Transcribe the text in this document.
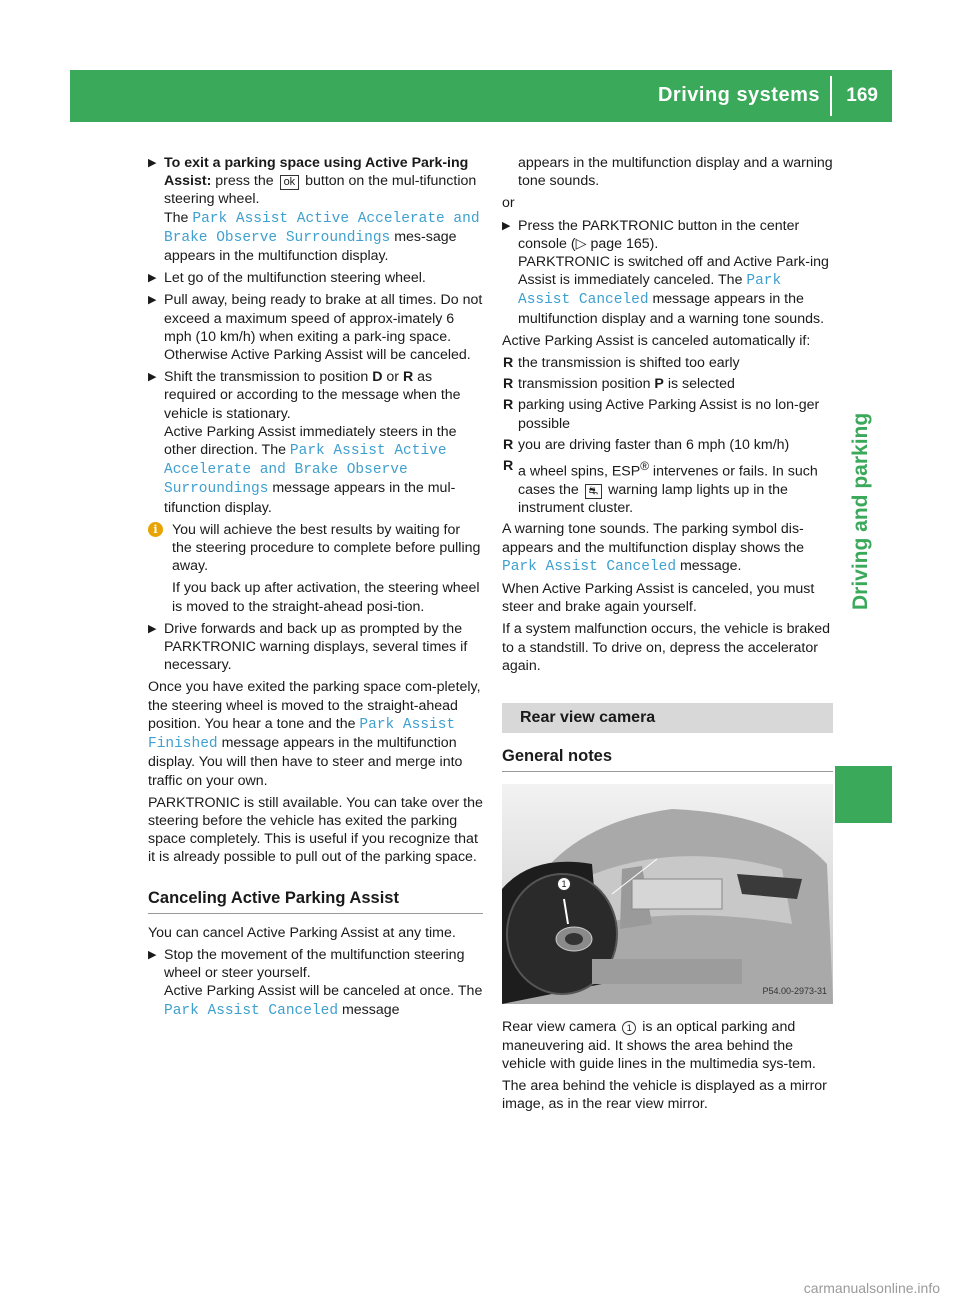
Driving systems 169
Driving and parking
▶ To exit a parking space using Active Park-ing Assist: press the ok button on the mul-tifunction steering wheel.
The Park Assist Active Accelerate and Brake Observe Surroundings mes-sage appears in the multifunction display.
▶ Let go of the multifunction steering wheel.
▶ Pull away, being ready to brake at all times. Do not exceed a maximum speed of approx-imately 6 mph (10 km/h) when exiting a park-ing space. Otherwise Active Parking Assist will be canceled.
▶ Shift the transmission to position D or R as required or according to the message when the vehicle is stationary.
Active Parking Assist immediately steers in the other direction. The Park Assist Active Accelerate and Brake Observe Surroundings message appears in the mul-tifunction display.
i	You will achieve the best results by waiting for the steering procedure to complete before pulling away.

If you back up after activation, the steering wheel is moved to the straight-ahead posi-tion.

▶ Drive forwards and back up as prompted by the PARKTRONIC warning displays, several times if necessary.

Once you have exited the parking space com-pletely, the steering wheel is moved to the straight-ahead position. You hear a tone and the Park Assist Finished message appears in the multifunction display. You will then have to steer and merge into traffic on your own.

PARKTRONIC is still available. You can take over the steering before the vehicle has exited the parking space completely. This is useful if you recognize that it is already possible to pull out of the parking space.

Canceling Active Parking Assist

You can cancel Active Parking Assist at any time.

▶ Stop the movement of the multifunction steering wheel or steer yourself.
Active Parking Assist will be canceled at once. The Park Assist Canceled message

appears in the multifunction display and a warning tone sounds.

or

▶ Press the PARKTRONIC button in the center console (▷ page 165).
PARKTRONIC is switched off and Active Park-ing Assist is immediately canceled. The Park Assist Canceled message appears in the multifunction display and a warning tone sounds.

Active Parking Assist is canceled automatically if:

R the transmission is shifted too early
R transmission position P is selected
R parking using Active Parking Assist is no lon-ger possible
R you are driving faster than 6 mph (10 km/h)
R a wheel spins, ESP® intervenes or fails. In such cases the ⛐ warning lamp lights up in the instrument cluster.

A warning tone sounds. The parking symbol dis-appears and the multifunction display shows the Park Assist Canceled message.

When Active Parking Assist is canceled, you must steer and brake again yourself.

If a system malfunction occurs, the vehicle is braked to a standstill. To drive on, depress the accelerator again.

Rear view camera
General notes
1
P54.00-2973-31

Rear view camera 1 is an optical parking and maneuvering aid. It shows the area behind the vehicle with guide lines in the multimedia sys-tem.

The area behind the vehicle is displayed as a mirror image, as in the rear view mirror.

carmanualsonline.info
